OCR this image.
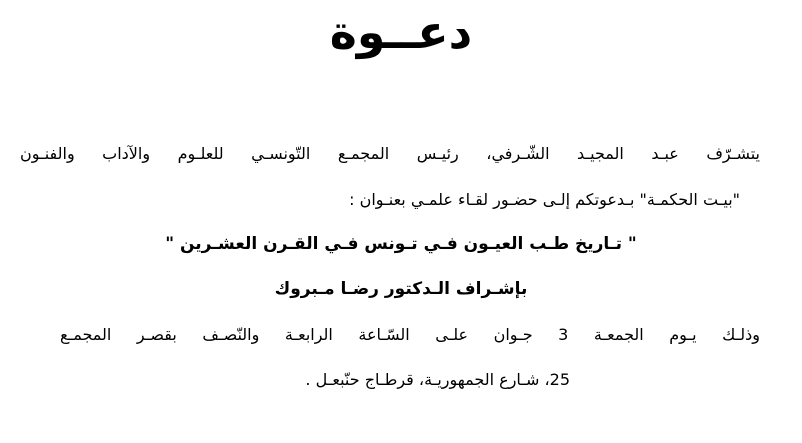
دعــوة
يتشـرّف عبـد المجيـد الشّـرفي، رئيـس المجمـع التّونسـي للعلـوم والآداب والفنـون
"بيـت الحكمـة" بـدعوتكم إلـى حضـور لقـاء علمـي بعنـوان :
" تـاريخ طـب العيـون فـي تـونس فـي القـرن العشـرين "
بإشـراف الـدكتور رضـا مـبروك
وذلـك يـوم الجمعـة 3 جـوان علـى السّـاعة الرابعـة والنّصـف بقصـر المجمـع
25، شـارع الجمهوريـة، قرطـاج حنّبعـل .
